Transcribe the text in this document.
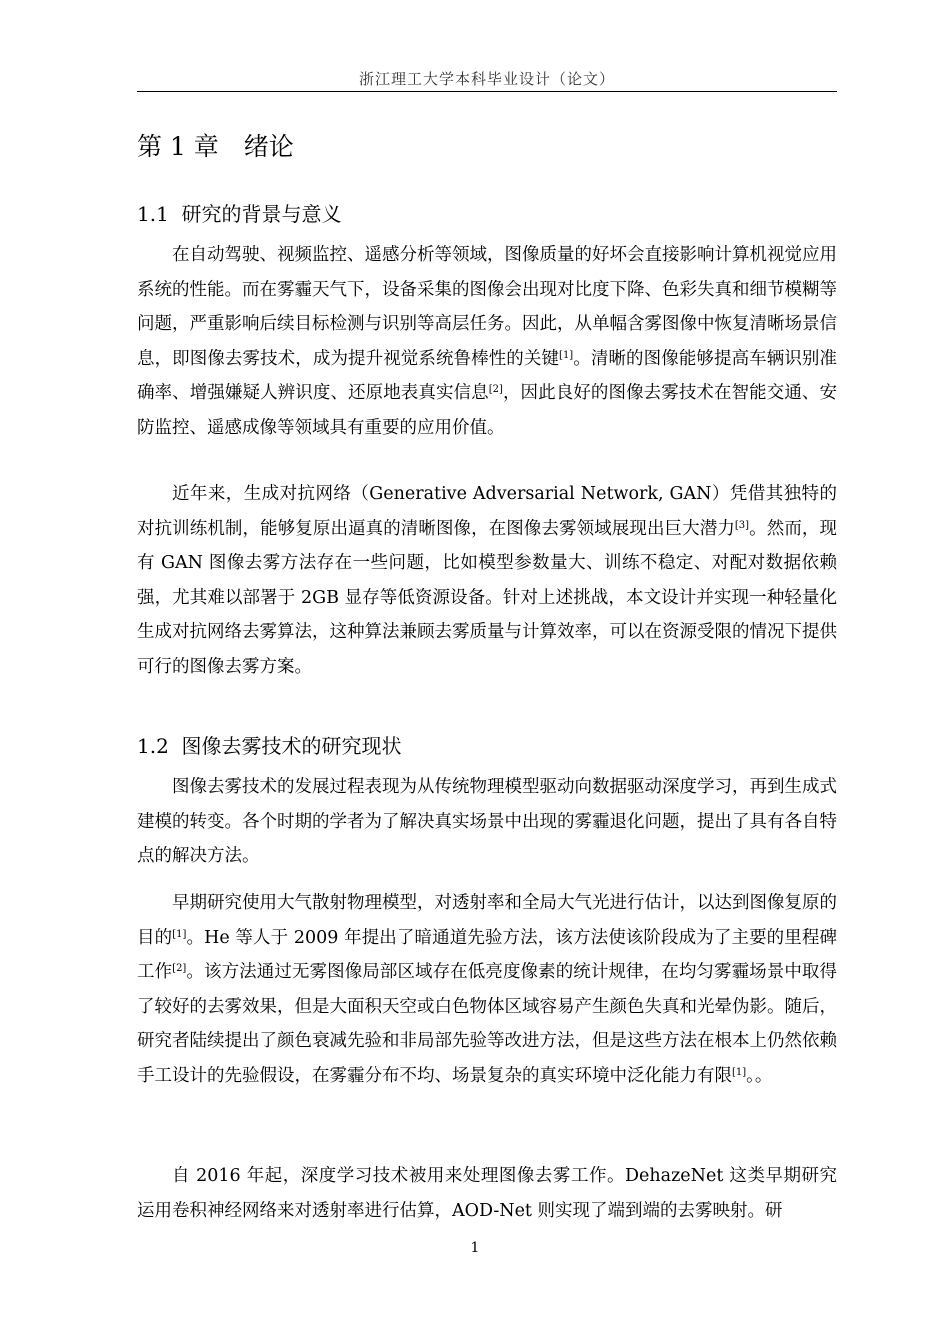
浙江理工大学本科毕业设计（论文）
第 1 章　绪论
1.1  研究的背景与意义

在自动驾驶、视频监控、遥感分析等领域，图像质量的好坏会直接影响计算机视觉应用系统的性能。而在雾霾天气下，设备采集的图像会出现对比度下降、色彩失真和细节模糊等问题，严重影响后续目标检测与识别等高层任务。因此，从单幅含雾图像中恢复清晰场景信息，即图像去雾技术，成为提升视觉系统鲁棒性的关键[1]。清晰的图像能够提高车辆识别准确率、增强嫌疑人辨识度、还原地表真实信息[2]，因此良好的图像去雾技术在智能交通、安防监控、遥感成像等领域具有重要的应用价值。

近年来，生成对抗网络（Generative Adversarial Network, GAN）凭借其独特的对抗训练机制，能够复原出逼真的清晰图像，在图像去雾领域展现出巨大潜力[3]。然而，现有 GAN 图像去雾方法存在一些问题，比如模型参数量大、训练不稳定、对配对数据依赖强，尤其难以部署于 2GB 显存等低资源设备。针对上述挑战，本文设计并实现一种轻量化生成对抗网络去雾算法，这种算法兼顾去雾质量与计算效率，可以在资源受限的情况下提供可行的图像去雾方案。

1.2  图像去雾技术的研究现状

图像去雾技术的发展过程表现为从传统物理模型驱动向数据驱动深度学习，再到生成式建模的转变。各个时期的学者为了解决真实场景中出现的雾霾退化问题，提出了具有各自特点的解决方法。

早期研究使用大气散射物理模型，对透射率和全局大气光进行估计，以达到图像复原的目的[1]。He 等人于 2009 年提出了暗通道先验方法，该方法使该阶段成为了主要的里程碑工作[2]。该方法通过无雾图像局部区域存在低亮度像素的统计规律，在均匀雾霾场景中取得了较好的去雾效果，但是大面积天空或白色物体区域容易产生颜色失真和光晕伪影。随后，研究者陆续提出了颜色衰减先验和非局部先验等改进方法，但是这些方法在根本上仍然依赖手工设计的先验假设，在雾霾分布不均、场景复杂的真实环境中泛化能力有限[1]。。

自 2016 年起，深度学习技术被用来处理图像去雾工作。DehazeNet 这类早期研究运用卷积神经网络来对透射率进行估算，AOD-Net 则实现了端到端的去雾映射。研

1
